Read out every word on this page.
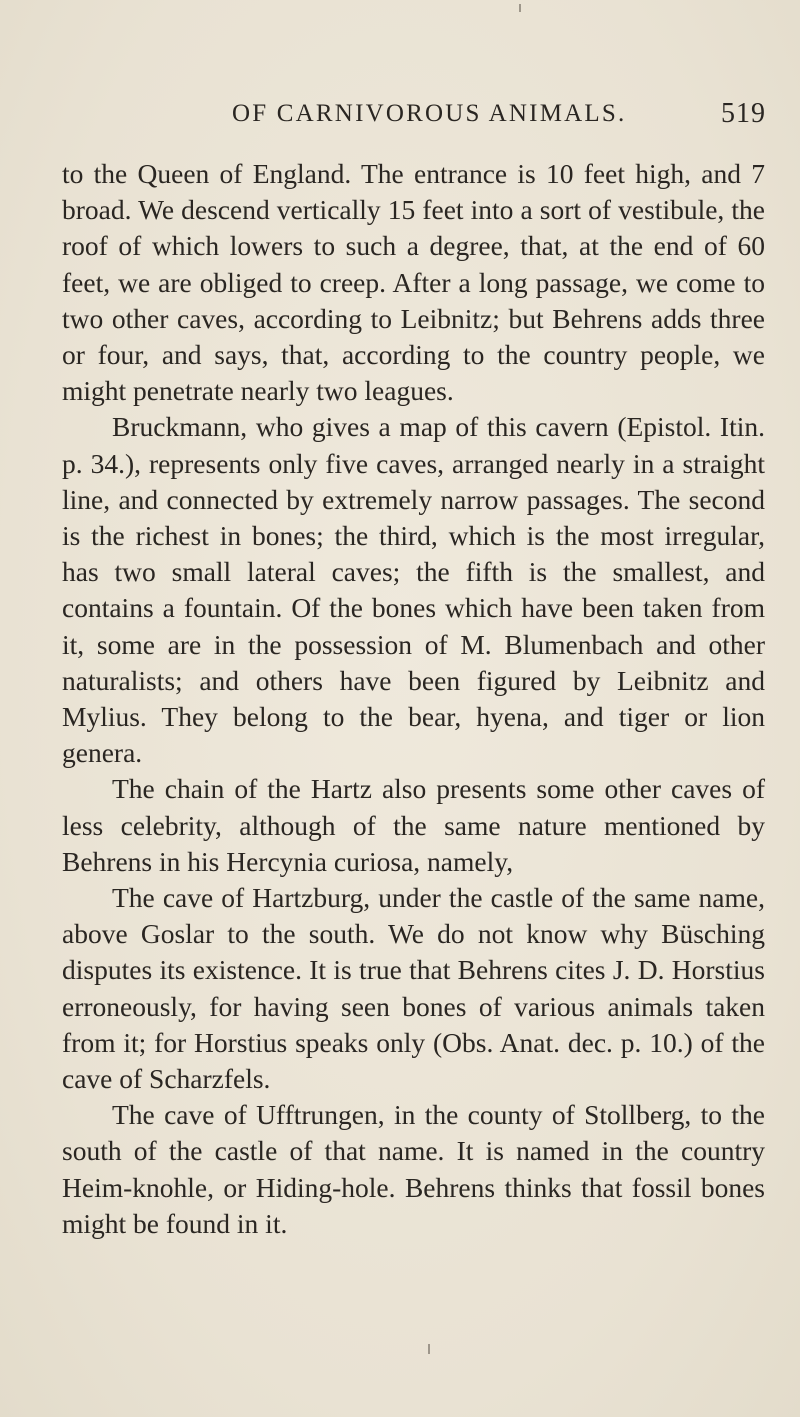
OF CARNIVOROUS ANIMALS.	519

to the Queen of England. The entrance is 10 feet high, and 7 broad. We descend vertically 15 feet into a sort of vestibule, the roof of which lowers to such a degree, that, at the end of 60 feet, we are obliged to creep. After a long passage, we come to two other caves, according to Leibnitz; but Behrens adds three or four, and says, that, according to the country people, we might penetrate nearly two leagues.

Bruckmann, who gives a map of this cavern (Epistol. Itin. p. 34.), represents only five caves, arranged nearly in a straight line, and connected by extremely narrow passages. The second is the richest in bones; the third, which is the most irregular, has two small lateral caves; the fifth is the smallest, and contains a fountain. Of the bones which have been taken from it, some are in the possession of M. Blumenbach and other naturalists; and others have been figured by Leibnitz and Mylius. They belong to the bear, hyena, and tiger or lion genera.

The chain of the Hartz also presents some other caves of less celebrity, although of the same nature mentioned by Behrens in his Hercynia curiosa, namely,

The cave of Hartzburg, under the castle of the same name, above Goslar to the south. We do not know why Büsching disputes its existence. It is true that Behrens cites J. D. Horstius erroneously, for having seen bones of various animals taken from it; for Horstius speaks only (Obs. Anat. dec. p. 10.) of the cave of Scharzfels.

The cave of Ufftrungen, in the county of Stollberg, to the south of the castle of that name. It is named in the country Heim-knohle, or Hiding-hole. Behrens thinks that fossil bones might be found in it.
